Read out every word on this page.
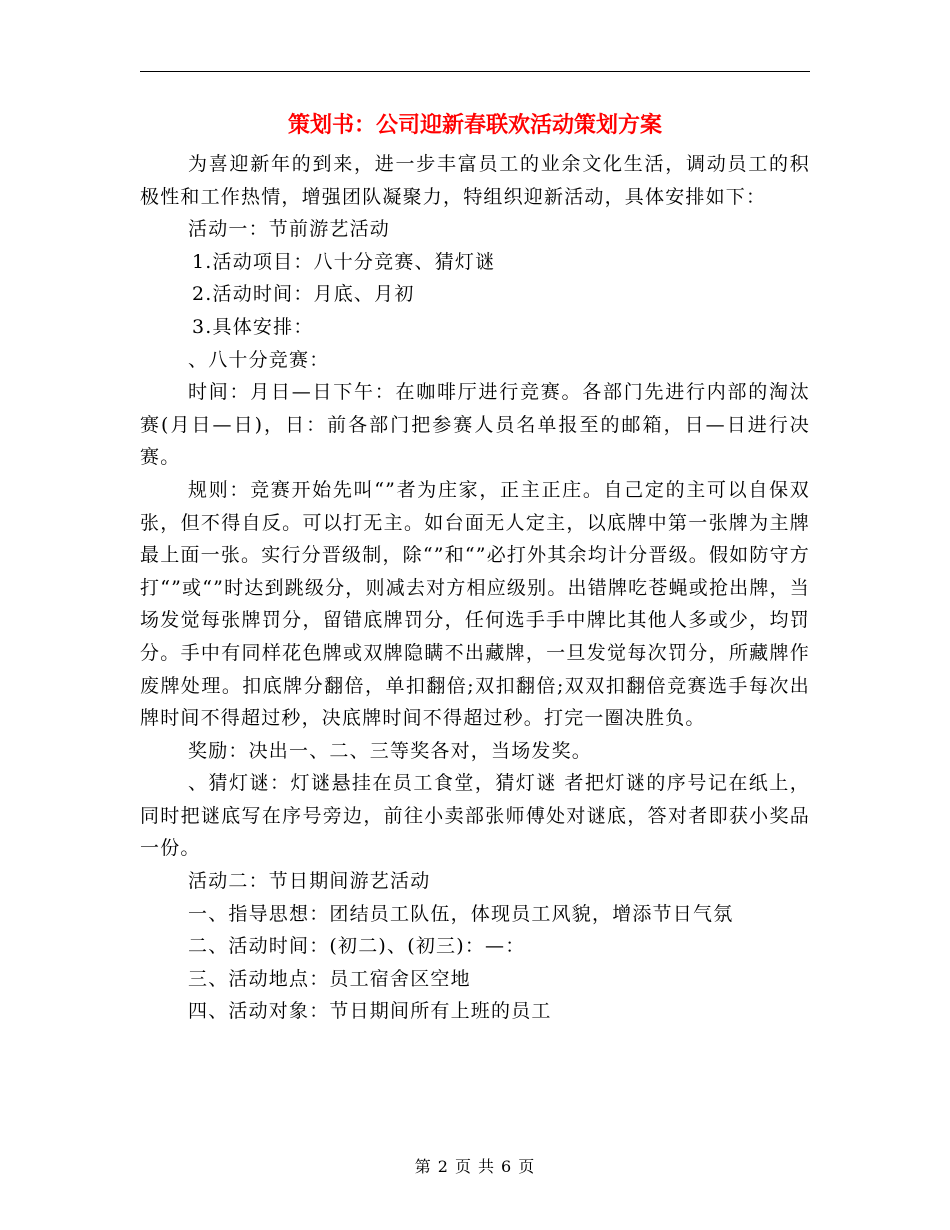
策划书：公司迎新春联欢活动策划方案

为喜迎新年的到来，进一步丰富员工的业余文化生活，调动员工的积极性和工作热情，增强团队凝聚力，特组织迎新活动，具体安排如下：

活动一：节前游艺活动

1.活动项目：八十分竞赛、猜灯谜

2.活动时间：月底、月初

3.具体安排：

、八十分竞赛：

时间：月日—日下午：在咖啡厅进行竞赛。各部门先进行内部的淘汰赛(月日—日)，日：前各部门把参赛人员名单报至的邮箱，日—日进行决赛。

规则：竞赛开始先叫“”者为庄家，正主正庄。自己定的主可以自保双张，但不得自反。可以打无主。如台面无人定主，以底牌中第一张牌为主牌最上面一张。实行分晋级制，除“”和“”必打外其余均计分晋级。假如防守方打“”或“”时达到跳级分，则减去对方相应级别。出错牌吃苍蝇或抢出牌，当场发觉每张牌罚分，留错底牌罚分，任何选手手中牌比其他人多或少，均罚分。手中有同样花色牌或双牌隐瞒不出藏牌，一旦发觉每次罚分，所藏牌作废牌处理。扣底牌分翻倍，单扣翻倍;双扣翻倍;双双扣翻倍竞赛选手每次出牌时间不得超过秒，决底牌时间不得超过秒。打完一圈决胜负。

奖励：决出一、二、三等奖各对，当场发奖。

、猜灯谜：灯谜悬挂在员工食堂，猜灯谜 者把灯谜的序号记在纸上，同时把谜底写在序号旁边，前往小卖部张师傅处对谜底，答对者即获小奖品一份。

活动二：节日期间游艺活动

一、指导思想：团结员工队伍，体现员工风貌，增添节日气氛

二、活动时间：(初二)、(初三)：—：

三、活动地点：员工宿舍区空地

四、活动对象：节日期间所有上班的员工

第 2 页 共 6 页
